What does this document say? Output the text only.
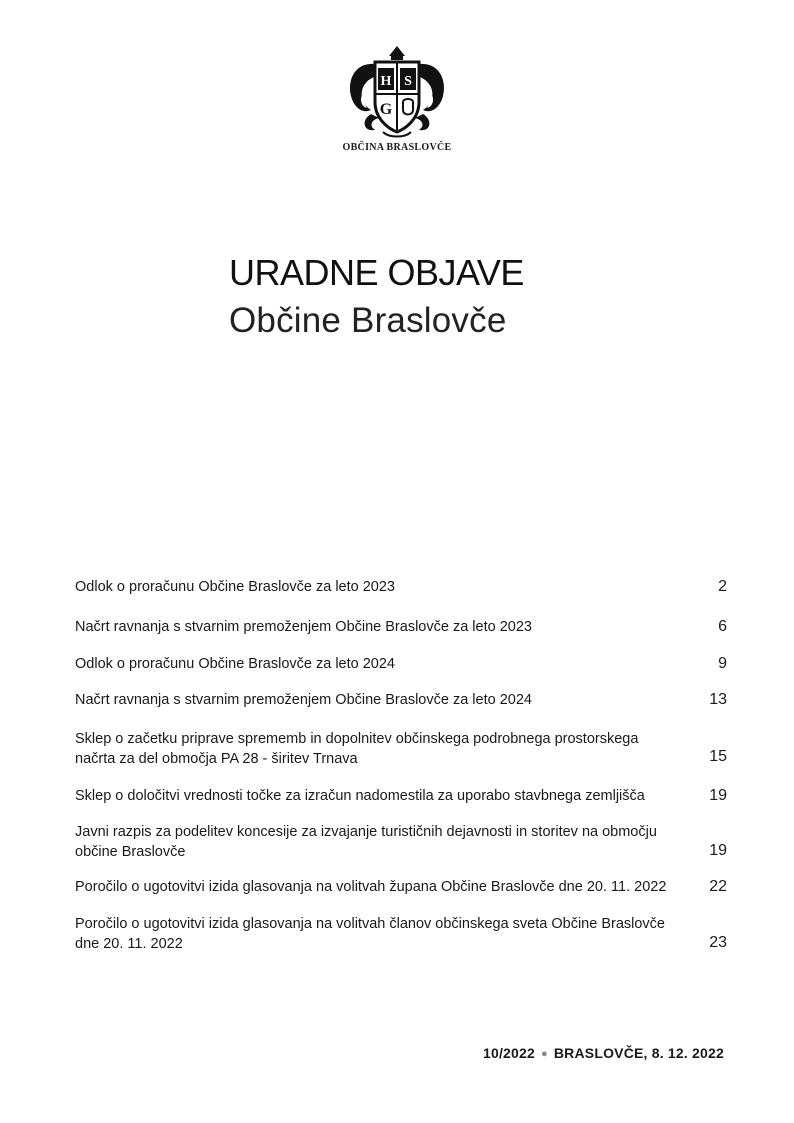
H S
G
OBČINA BRASLOVČE
URADNE OBJAVE
Občine Braslovče
Odlok o proračunu Občine Braslovče za leto 2023	2
Načrt ravnanja s stvarnim premoženjem Občine Braslovče za leto 2023	6
Odlok o proračunu Občine Braslovče za leto 2024	9
Načrt ravnanja s stvarnim premoženjem Občine Braslovče za leto 2024	13
Sklep o začetku priprave sprememb in dopolnitev občinskega podrobnega prostorskega
načrta za del območja PA 28 - širitev Trnava	15
Sklep o določitvi vrednosti točke za izračun nadomestila za uporabo stavbnega zemljišča	19
Javni razpis za podelitev koncesije za izvajanje turističnih dejavnosti in storitev na območju
občine Braslovče	19
Poročilo o ugotovitvi izida glasovanja na volitvah župana Občine Braslovče dne 20. 11. 2022	22
Poročilo o ugotovitvi izida glasovanja na volitvah članov občinskega sveta Občine Braslovče
dne 20. 11. 2022	23
10/2022 ● BRASLOVČE, 8. 12. 2022
